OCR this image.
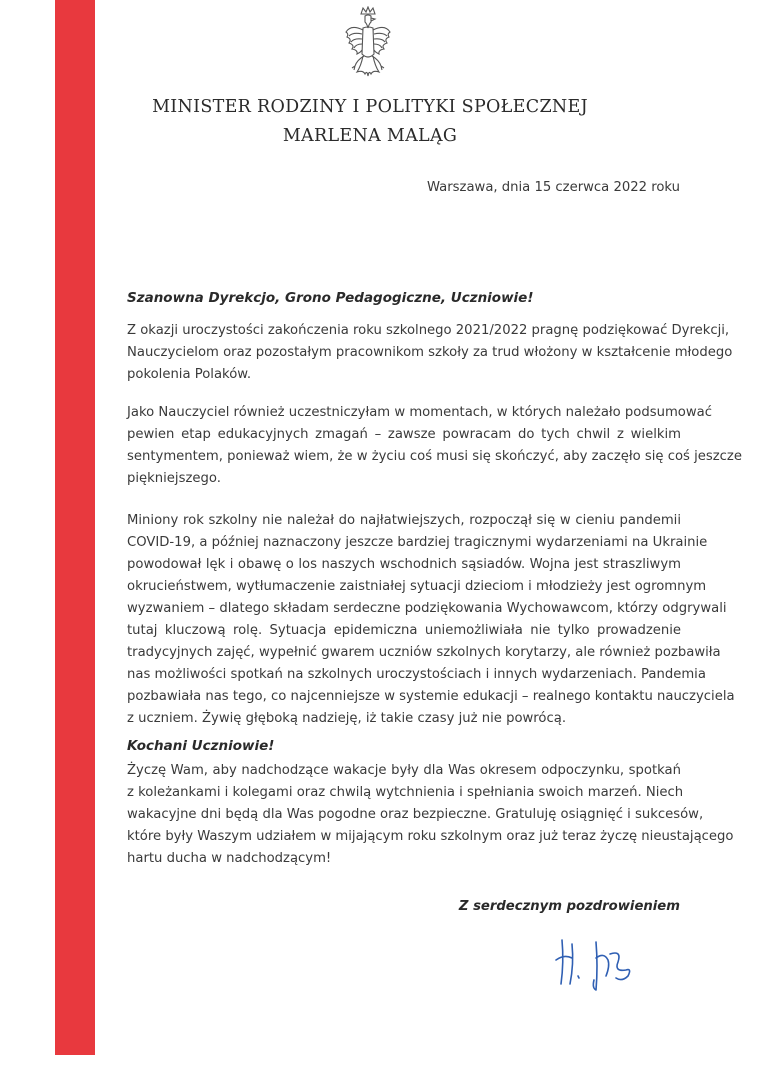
MINISTER RODZINY I POLITYKI SPOŁECZNEJ
MARLENA MALĄG
Warszawa, dnia 15 czerwca 2022 roku
Szanowna Dyrekcjo, Grono Pedagogiczne, Uczniowie!
Z okazji uroczystości zakończenia roku szkolnego 2021/2022 pragnę podziękować Dyrekcji,
Nauczycielom oraz pozostałym pracownikom szkoły za trud włożony w kształcenie młodego
pokolenia Polaków.
Jako Nauczyciel również uczestniczyłam w momentach, w których należało podsumować
pewien etap edukacyjnych zmagań – zawsze powracam do tych chwil z wielkim
sentymentem, ponieważ wiem, że w życiu coś musi się skończyć, aby zaczęło się coś jeszcze
piękniejszego.
Miniony rok szkolny nie należał do najłatwiejszych, rozpoczął się w cieniu pandemii
COVID-19, a później naznaczony jeszcze bardziej tragicznymi wydarzeniami na Ukrainie
powodował lęk i obawę o los naszych wschodnich sąsiadów. Wojna jest straszliwym
okrucieństwem, wytłumaczenie zaistniałej sytuacji dzieciom i młodzieży jest ogromnym
wyzwaniem – dlatego składam serdeczne podziękowania Wychowawcom, którzy odgrywali
tutaj kluczową rolę. Sytuacja epidemiczna uniemożliwiała nie tylko prowadzenie
tradycyjnych zajęć, wypełnić gwarem uczniów szkolnych korytarzy, ale również pozbawiła
nas możliwości spotkań na szkolnych uroczystościach i innych wydarzeniach. Pandemia
pozbawiała nas tego, co najcenniejsze w systemie edukacji – realnego kontaktu nauczyciela
z uczniem. Żywię głęboką nadzieję, iż takie czasy już nie powrócą.
Kochani Uczniowie!
Życzę Wam, aby nadchodzące wakacje były dla Was okresem odpoczynku, spotkań
z koleżankami i kolegami oraz chwilą wytchnienia i spełniania swoich marzeń. Niech
wakacyjne dni będą dla Was pogodne oraz bezpieczne. Gratuluję osiągnięć i sukcesów,
które były Waszym udziałem w mijającym roku szkolnym oraz już teraz życzę nieustającego
hartu ducha w nadchodzącym!
Z serdecznym pozdrowieniem
